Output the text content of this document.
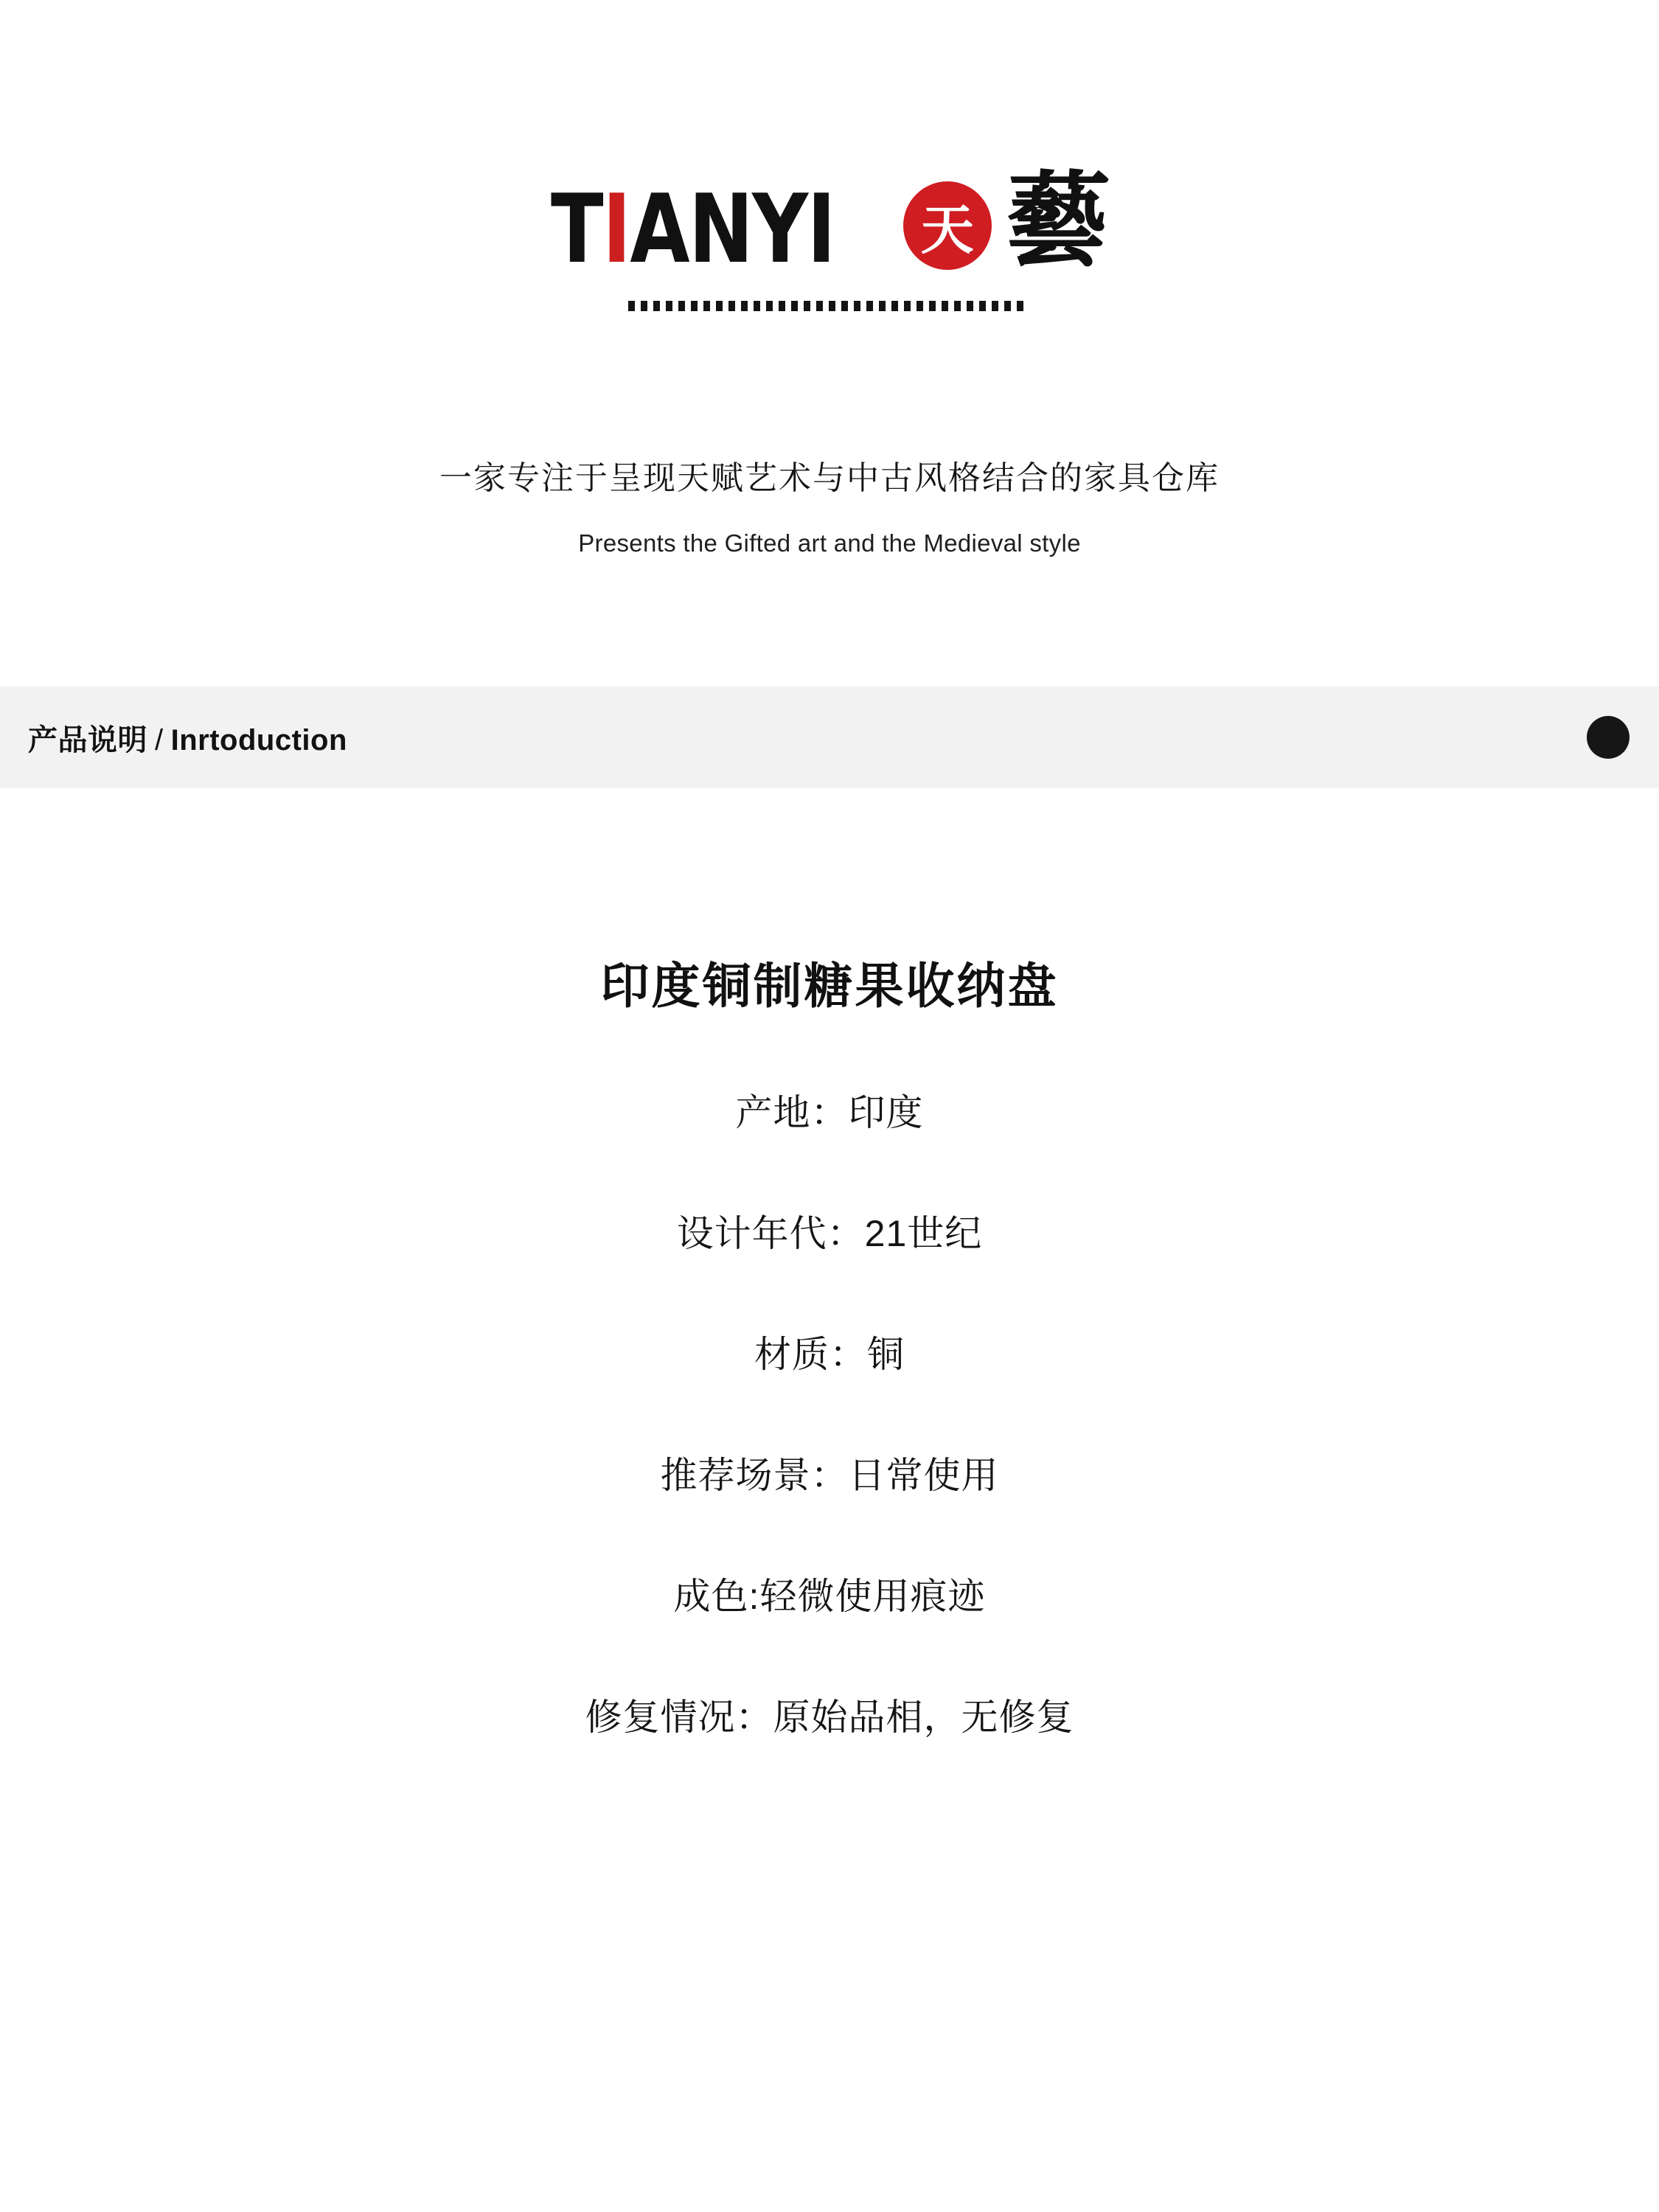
TIANYI 天 藝
一家专注于呈现天赋艺术与中古风格结合的家具仓库
Presents the Gifted art and the Medieval style
产品说明 / Inrtoduction
印度铜制糖果收纳盘
产地：印度
设计年代：21世纪
材质：铜
推荐场景：日常使用
成色:轻微使用痕迹
修复情况：原始品相，无修复
